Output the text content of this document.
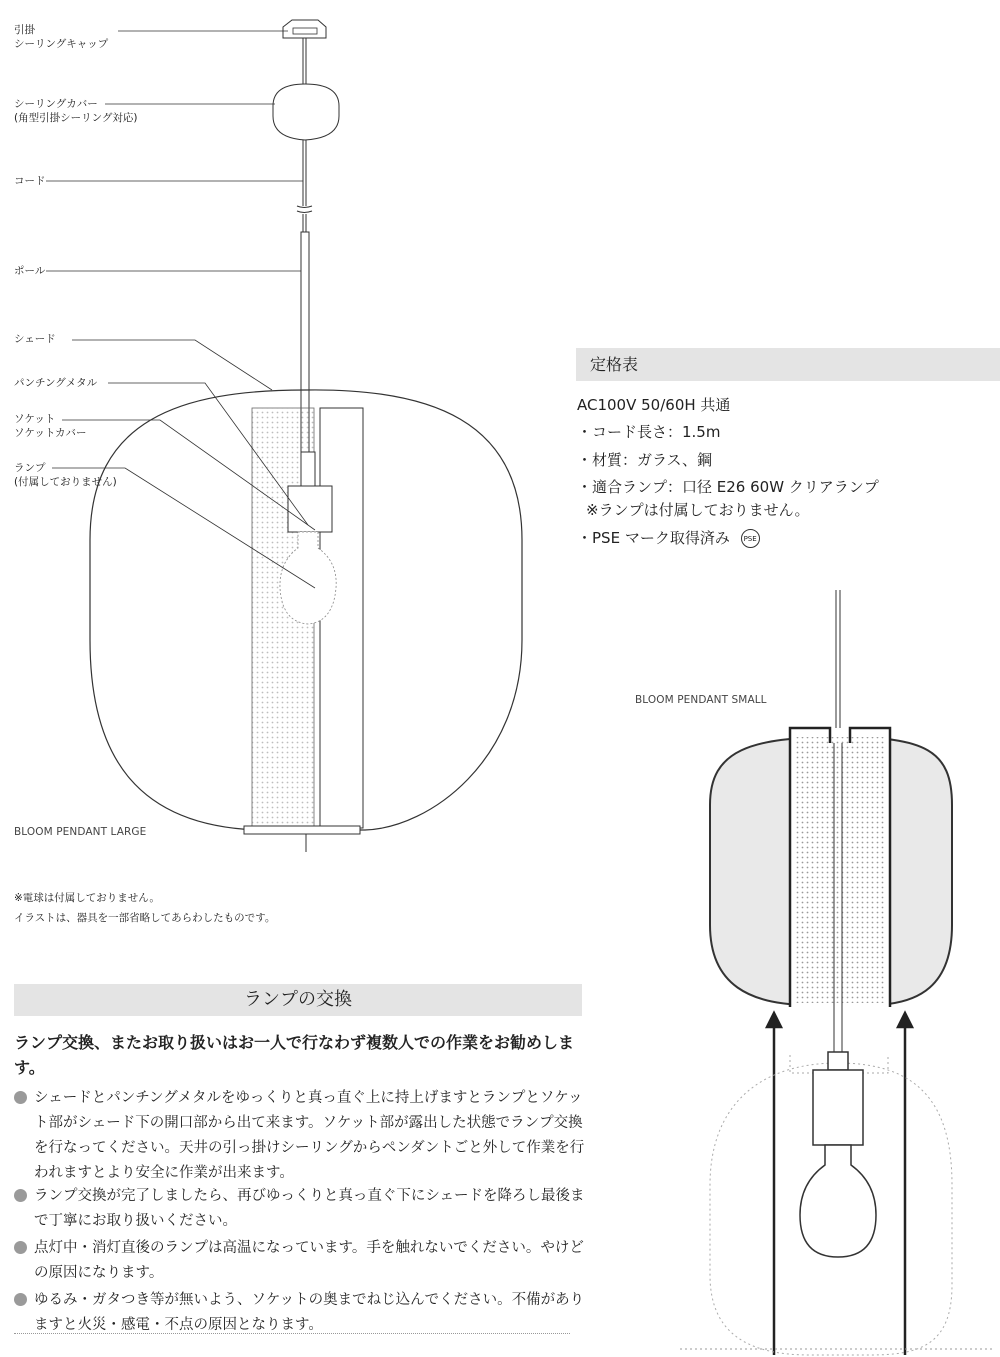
引掛
シーリングキャップ
シーリングカバー
(角型引掛シーリング対応)
コード
ポール
シェード
パンチングメタル
ソケット
ソケットカバー
ランプ
(付属しておりません)
BLOOM PENDANT LARGE
※電球は付属しておりません。
イラストは、器具を一部省略してあらわしたものです。
定格表
AC100V 50/60H 共通
・コード長さ：1.5m
・材質：ガラス、鋼
・適合ランプ：口径 E26 60W クリアランプ
※ランプは付属しておりません。
・PSE マーク取得済み PSE
BLOOM PENDANT SMALL
ランプの交換
ランプ交換、またお取り扱いはお一人で行なわず複数人での作業をお勧めします。
シェードとパンチングメタルをゆっくりと真っ直ぐ上に持上げますとランプとソケット部がシェード下の開口部から出て来ます。ソケット部が露出した状態でランプ交換を行なってください。天井の引っ掛けシーリングからペンダントごと外して作業を行われますとより安全に作業が出来ます。
ランプ交換が完了しましたら、再びゆっくりと真っ直ぐ下にシェードを降ろし最後まで丁寧にお取り扱いください。
点灯中・消灯直後のランプは高温になっています。手を触れないでください。やけどの原因になります。
ゆるみ・ガタつき等が無いよう、ソケットの奥までねじ込んでください。不備がありますと火災・感電・不点の原因となります。
